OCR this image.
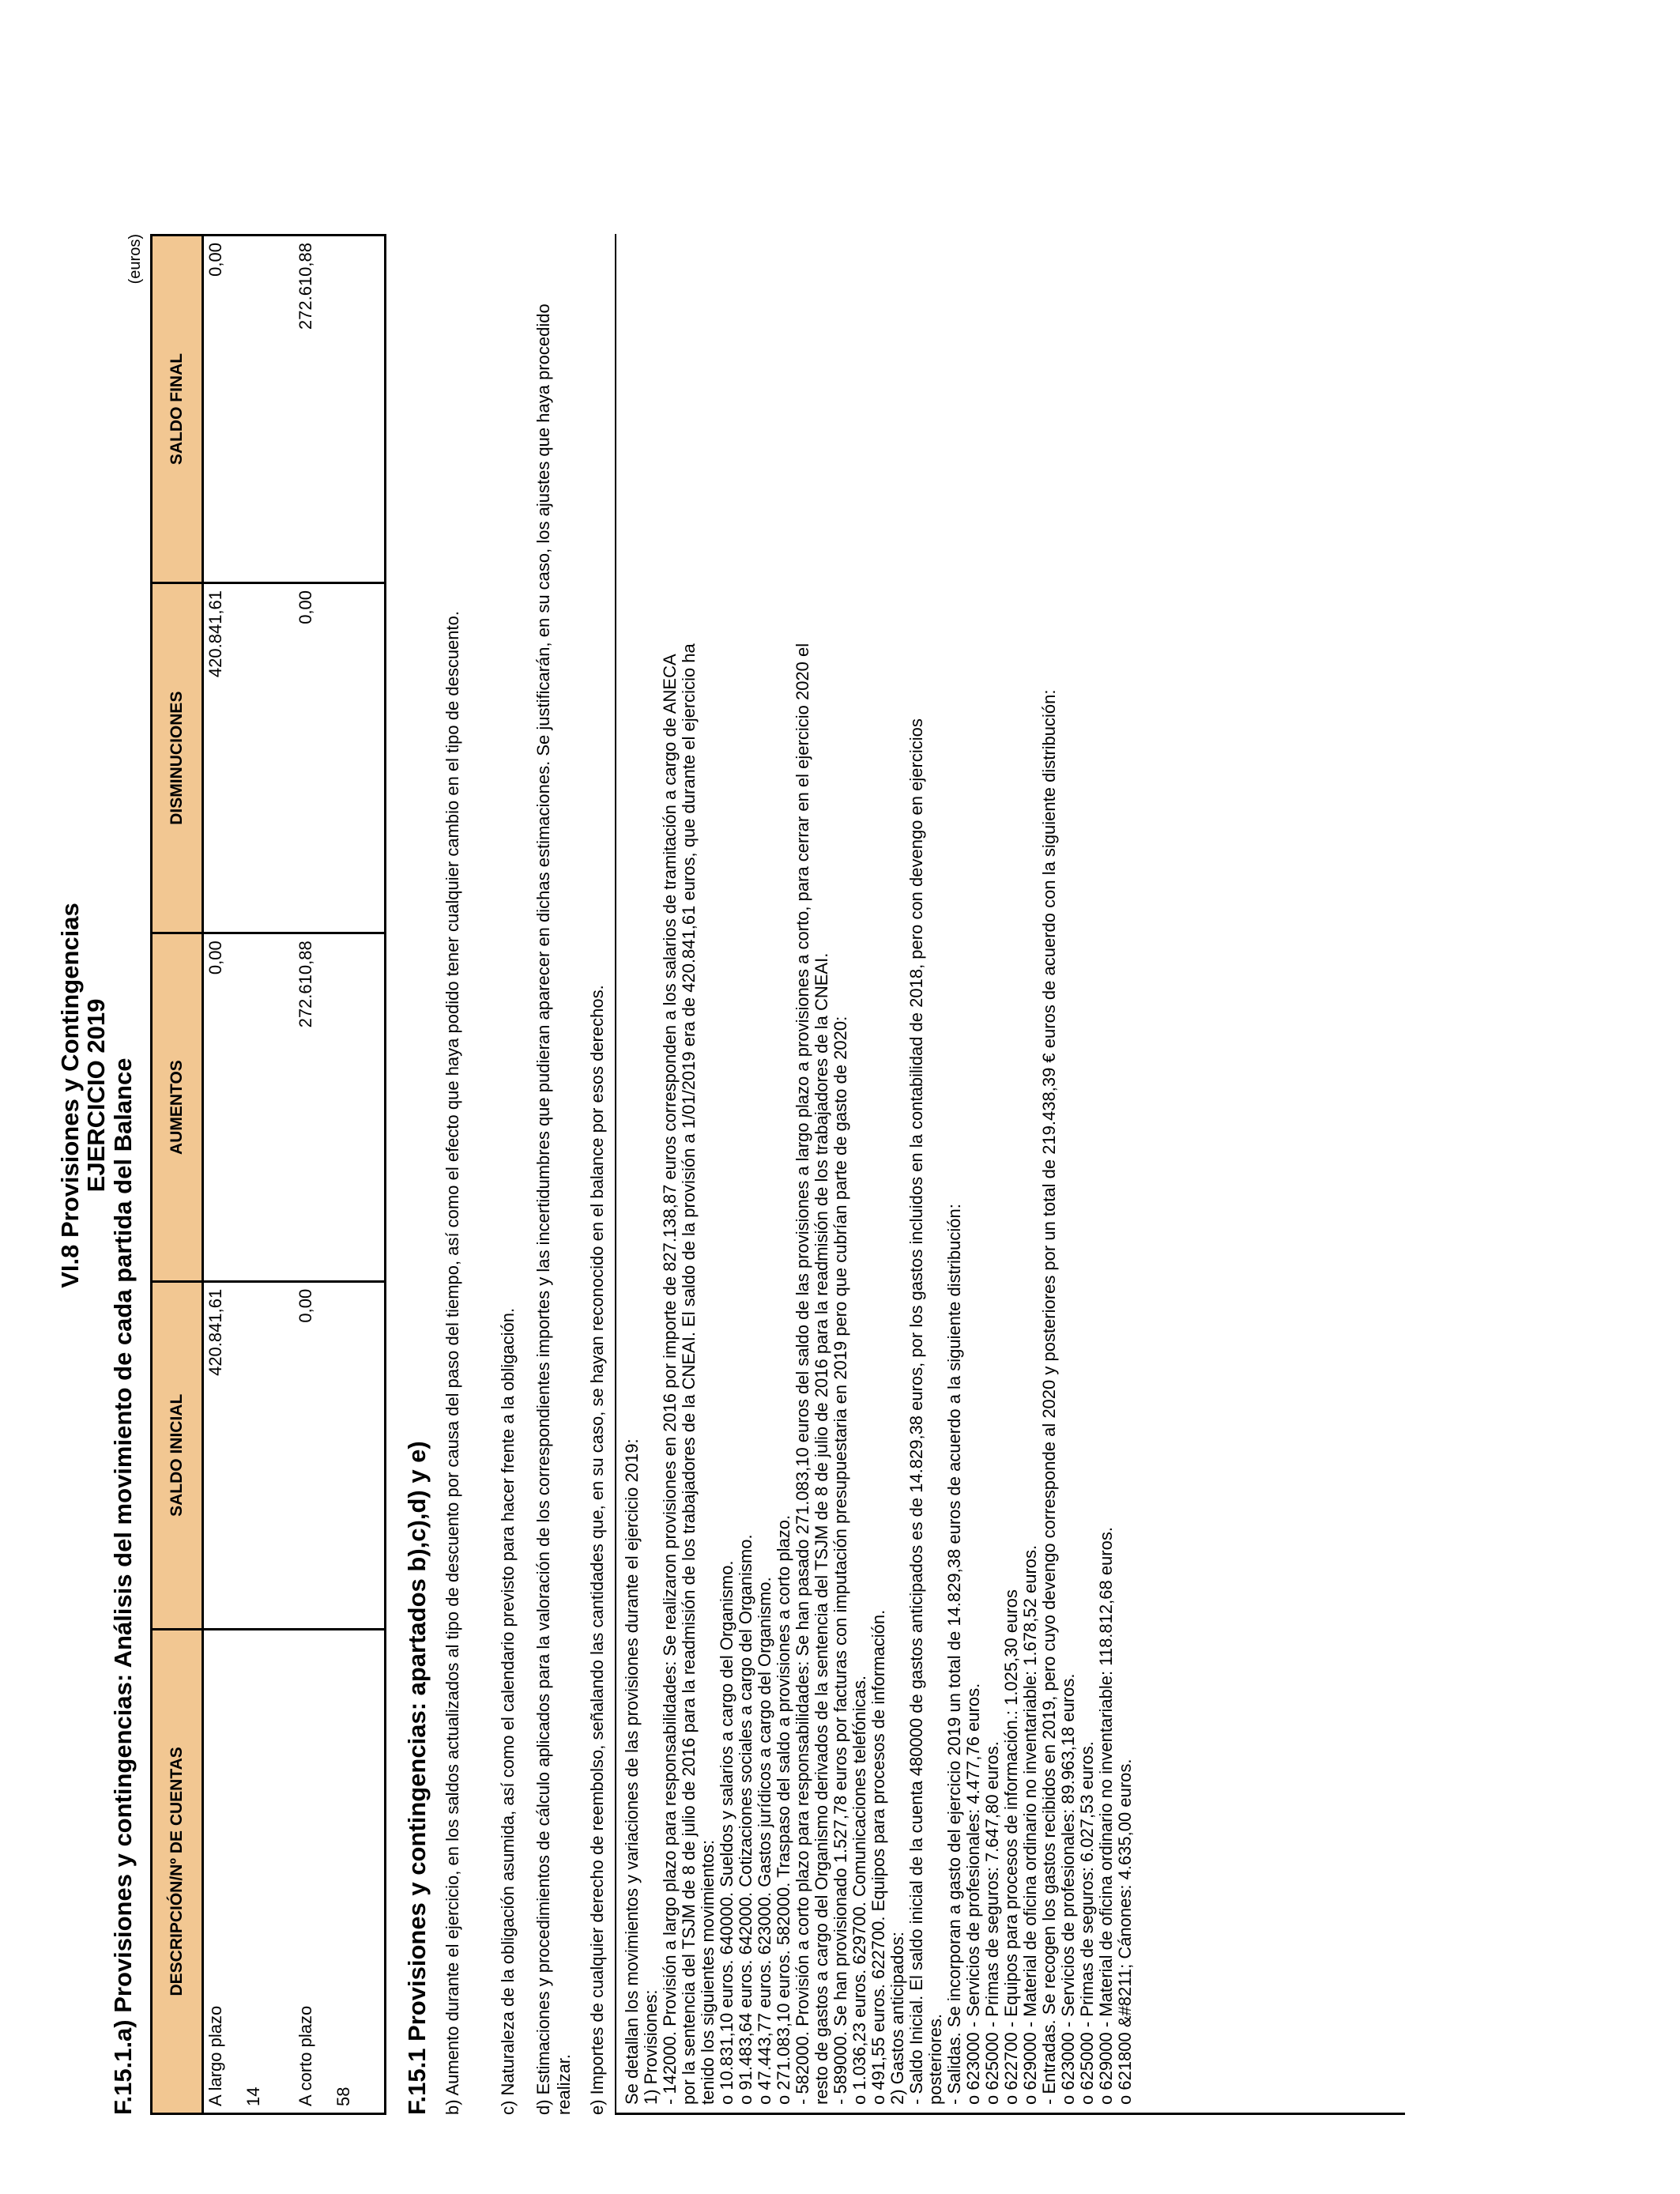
VI.8 Provisiones y Contingencias
EJERCICIO 2019 F.15.1.a) Provisiones y contingencias: Análisis del movimiento de cada partida del Balance
(euros)
DESCRIPCIÓN/Nº DE CUENTAS	SALDO INICIAL	AUMENTOS	DISMINUCIONES	SALDO FINAL

A largo plazo 14	420.841,61	0,00	420.841,61	0,00

A corto plazo 58	0,00	272.610,88	0,00	272.610,88
F.15.1 Provisiones y contingencias: apartados b),c),d) y e) b) Aumento durante el ejercicio, en los saldos actualizados al tipo de descuento por causa del paso del tiempo, así como el efecto que haya podido tener cualquier cambio en el tipo de descuento. c) Naturaleza de la obligación asumida, así como el calendario previsto para hacer frente a la obligación. d) Estimaciones y procedimientos de cálculo aplicados para la valoración de los correspondientes importes y las incertidumbres que pudieran aparecer en dichas estimaciones. Se justificarán, en su caso, los ajustes que haya procedido realizar. e) Importes de cualquier derecho de reembolso, señalando las cantidades que, en su caso, se hayan reconocido en el balance por esos derechos. Se detallan los movimientos y variaciones de las provisiones durante el ejercicio 2019: 1) Provisiones: - 142000. Provisión a largo plazo para responsabilidades: Se realizaron provisiones en 2016 por importe de 827.138,87 euros corresponden a los salarios de tramitación a cargo de ANECA por la sentencia del TSJM de 8 de julio de 2016 para la readmisión de los trabajadores de la CNEAI. El saldo de la provisión a 1/01/2019 era de 420.841,61 euros, que durante el ejercicio ha tenido los siguientes movimientos: o 10.831,10 euros. 640000. Sueldos y salarios a cargo del Organismo. o 91.483,64 euros. 642000. Cotizaciones sociales a cargo del Organismo. o 47.443,77 euros. 623000. Gastos jurídicos a cargo del Organismo. o 271.083,10 euros. 582000. Traspaso del saldo a provisiones a corto plazo. - 582000. Provisión a corto plazo para responsabilidades: Se han pasado 271.083,10 euros del saldo de las provisiones a largo plazo a provisiones a corto, para cerrar en el ejercicio 2020 el resto de gastos a cargo del Organismo derivados de la sentencia del TSJM de 8 de julio de 2016 para la readmisión de los trabajadores de la CNEAI. - 589000. Se han provisionado 1.527,78 euros por facturas con imputación presupuestaria en 2019 pero que cubrían parte de gasto de 2020: o 1.036,23 euros. 629700. Comunicaciones telefónicas. o 491,55 euros. 622700. Equipos para procesos de información. 2) Gastos anticipados: - Saldo Inicial. El saldo inicial de la cuenta 480000 de gastos anticipados es de 14.829,38 euros, por los gastos incluidos en la contabilidad de 2018, pero con devengo en ejercicios posteriores. - Salidas. Se incorporan a gasto del ejercicio 2019 un total de 14.829,38 euros de acuerdo a la siguiente distribución: o 623000 - Servicios de profesionales: 4.477,76 euros. o 625000 - Primas de seguros: 7.647,80 euros. o 622700 - Equipos para procesos de información.: 1.025,30 euros o 629000 - Material de oficina ordinario no inventariable: 1.678,52 euros. - Entradas. Se recogen los gastos recibidos en 2019, pero cuyo devengo corresponde al 2020 y posteriores por un total de 219.438,39 € euros de acuerdo con la siguiente distribución: o 623000 - Servicios de profesionales: 89.963,18 euros. o 625000 - Primas de seguros: 6.027,53 euros. o 629000 - Material de oficina ordinario no inventariable: 118.812,68 euros. o 621800 &#8211; Cánones: 4.635,00 euros.
